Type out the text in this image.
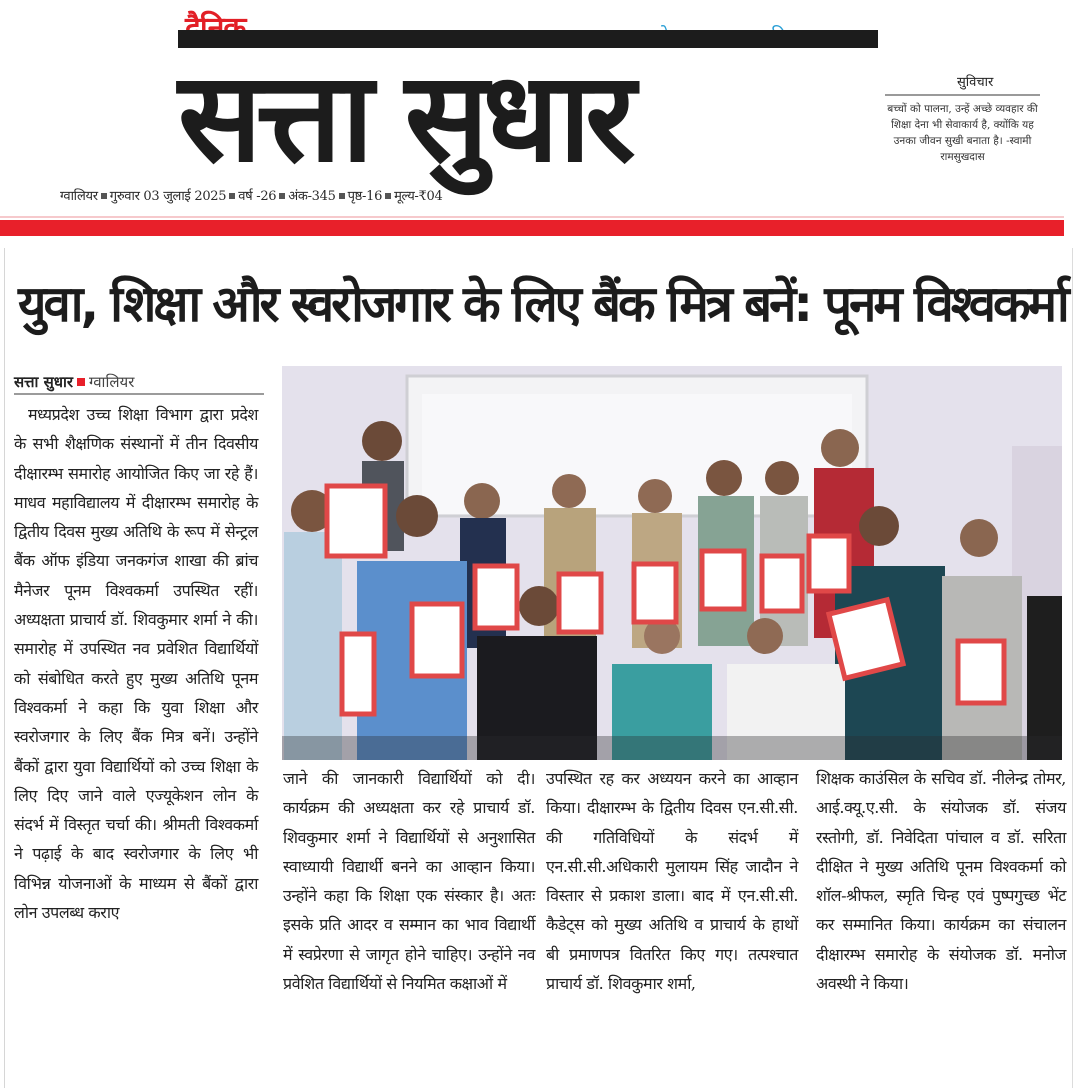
दैनिक	जनता के साथ जनता की आवाज
सत्ता सुधार
ग्वालियर गुरुवार 03 जुलाई 2025 वर्ष -26 अंक-345 पृष्ठ-16 मूल्य-₹04
सुविचार
बच्चों को पालना, उन्हें अच्छे व्यवहार की शिक्षा देना भी सेवाकार्य है, क्योंकि यह उनका जीवन सुखी बनाता है। -स्वामी रामसुखदास
युवा, शिक्षा और स्वरोजगार के लिए बैंक मित्र बनें: पूनम विश्वकर्मा
सत्ता सुधार ग्वालियर

मध्यप्रदेश उच्च शिक्षा विभाग द्वारा प्रदेश के सभी शैक्षणिक संस्थानों में तीन दिवसीय दीक्षारम्भ समारोह आयोजित किए जा रहे हैं। माधव महाविद्यालय में दीक्षारम्भ समारोह के द्वितीय दिवस मुख्य अतिथि के रूप में सेन्ट्रल बैंक ऑफ इंडिया जनकगंज शाखा की ब्रांच मैनेजर पूनम विश्वकर्मा उपस्थित रहीं। अध्यक्षता प्राचार्य डॉ. शिवकुमार शर्मा ने की। समारोह में उपस्थित नव प्रवेशित विद्यार्थियों को संबोधित करते हुए मुख्य अतिथि पूनम विश्वकर्मा ने कहा कि युवा शिक्षा और स्वरोजगार के लिए बैंक मित्र बनें। उन्होंने बैंकों द्वारा युवा विद्यार्थियों को उच्च शिक्षा के लिए दिए जाने वाले एज्यूकेशन लोन के संदर्भ में विस्तृत चर्चा की। श्रीमती विश्वकर्मा ने पढ़ाई के बाद स्वरोजगार के लिए भी विभिन्न योजनाओं के माध्यम से बैंकों द्वारा लोन उपलब्ध कराए

जाने की जानकारी विद्यार्थियों को दी। कार्यक्रम की अध्यक्षता कर रहे प्राचार्य डॉ. शिवकुमार शर्मा ने विद्यार्थियों से अनुशासित स्वाध्यायी विद्यार्थी बनने का आव्हान किया। उन्होंने कहा कि शिक्षा एक संस्कार है। अतः इसके प्रति आदर व सम्मान का भाव विद्यार्थी में स्वप्रेरणा से जागृत होने चाहिए। उन्होंने नव प्रवेशित विद्यार्थियों से नियमित कक्षाओं में

उपस्थित रह कर अध्ययन करने का आव्हान किया। दीक्षारम्भ के द्वितीय दिवस एन.सी.सी. की गतिविधियों के संदर्भ में एन.सी.सी.अधिकारी मुलायम सिंह जादौन ने विस्तार से प्रकाश डाला। बाद में एन.सी.सी. कैडेट्स को मुख्य अतिथि व प्राचार्य के हाथों बी प्रमाणपत्र वितरित किए गए। तत्पश्चात प्राचार्य डॉ. शिवकुमार शर्मा,

शिक्षक काउंसिल के सचिव डॉ. नीलेन्द्र तोमर, आई.क्यू.ए.सी. के संयोजक डॉ. संजय रस्तोगी, डॉ. निवेदिता पांचाल व डॉ. सरिता दीक्षित ने मुख्य अतिथि पूनम विश्वकर्मा को शॉल-श्रीफल, स्मृति चिन्ह एवं पुष्पगुच्छ भेंट कर सम्मानित किया। कार्यक्रम का संचालन दीक्षारम्भ समारोह के संयोजक डॉ. मनोज अवस्थी ने किया।
